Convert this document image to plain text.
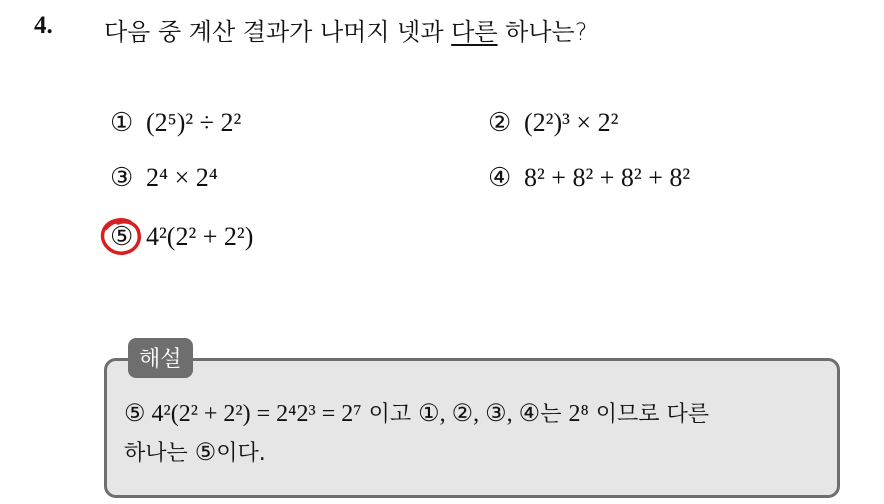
4. 다음 중 계산 결과가 나머지 넷과 다른 하나는?
① (2⁵)² ÷ 2²	② (2²)³ × 2²
③ 2⁴ × 2⁴	④ 8² + 8² + 8² + 8²
⑤ 4²(2² + 2²)
해설
⑤ 4²(2² + 2²) = 2⁴2³ = 2⁷ 이고 ①, ②, ③, ④는 2⁸ 이므로 다른
하나는 ⑤이다.
